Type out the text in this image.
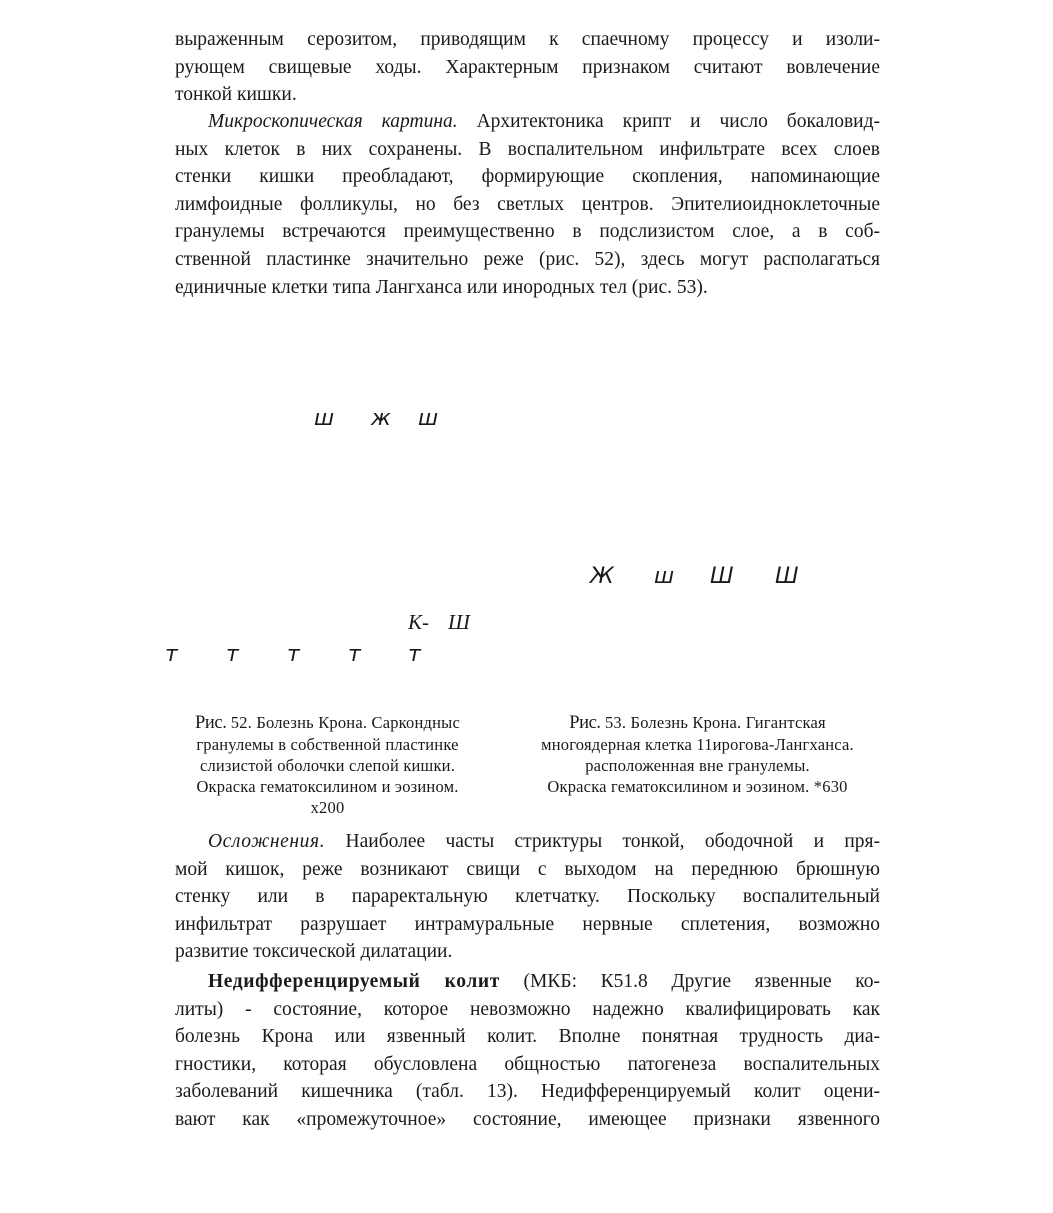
выраженным серозитом, приводящим к спаечному процессу и изоли-
рующем свищевые ходы. Характерным признаком считают вовлечение
тонкой кишки.
Микроскопическая картина. Архитектоника крипт и число бокаловид-
ных клеток в них сохранены. В воспалительном инфильтрате всех слоев
стенки кишки преобладают, формирующие скопления, напоминающие
лимфоидные фолликулы, но без светлых центров. Эпителиоидноклеточные
гранулемы встречаются преимущественно в подслизистом слое, а в соб-
ственной пластинке значительно реже (рис. 52), здесь могут располагаться
единичные клетки типа Лангханса или инородных тел (рис. 53).
ш ж ш
Ж ш Ш Ш
К- Ш
т т т т т
Рис. 52. Болезнь Крона. Саркондныс
гранулемы в собственной пластинке
слизистой оболочки слепой кишки.
Окраска гематоксилином и эозином.
x200
Рис. 53. Болезнь Крона. Гигантская
многоядерная клетка 11ирогова-Лангханса.
расположенная вне гранулемы.
Окраска гематоксилином и эозином. *630
Осложнения. Наиболее часты стриктуры тонкой, ободочной и пря-
мой кишок, реже возникают свищи с выходом на переднюю брюшную
стенку или в параректальную клетчатку. Поскольку воспалительный
инфильтрат разрушает интрамуральные нервные сплетения, возможно
развитие токсической дилатации.
Недифференцируемый колит (МКБ: К51.8 Другие язвенные ко-
литы) - состояние, которое невозможно надежно квалифицировать как
болезнь Крона или язвенный колит. Вполне понятная трудность диа-
гностики, которая обусловлена общностью патогенеза воспалительных
заболеваний кишечника (табл. 13). Недифференцируемый колит оцени-
вают как «промежуточное» состояние, имеющее признаки язвенного
